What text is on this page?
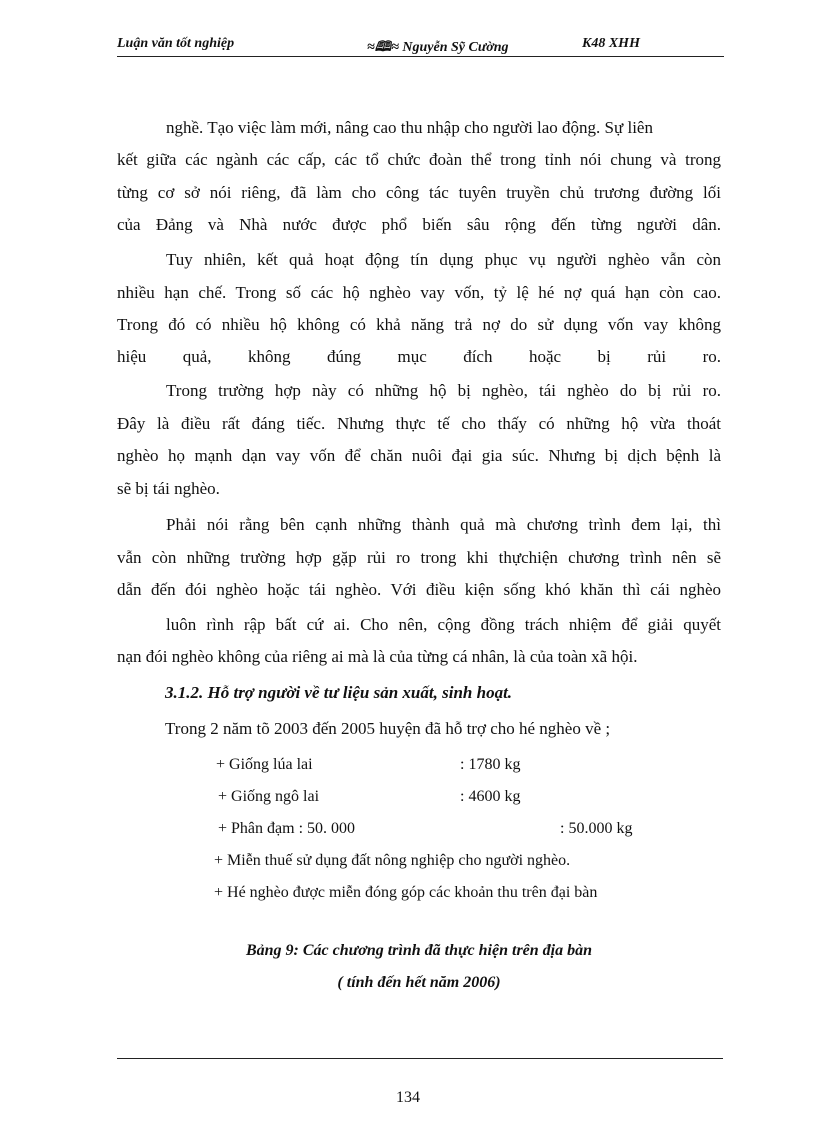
Luận văn tốt nghiệp	≈🕮≈ Nguyễn Sỹ Cường	K48 XHH
nghề. Tạo việc làm mới, nâng cao thu nhập cho người lao động. Sự liên
kết giữa các ngành các cấp, các tổ chức đoàn thể trong tỉnh nói chung và trong
từng cơ sở nói riêng, đã làm cho công tác tuyên truyền chủ trương đường lối
của Đảng và Nhà nước được phổ biến sâu rộng đến từng người dân.
Tuy nhiên, kết quả hoạt động tín dụng phục vụ người nghèo vẫn còn
nhiều hạn chế. Trong số các hộ nghèo vay vốn, tỷ lệ hé nợ quá hạn còn cao.
Trong đó có nhiều hộ không có khả năng trả nợ do sử dụng vốn vay không
hiệu quả, không đúng mục đích hoặc bị rủi ro.
Trong trường hợp này có những hộ bị nghèo, tái nghèo do bị rủi ro.
Đây là điều rất đáng tiếc. Nhưng thực tế cho thấy có những hộ vừa thoát
nghèo họ mạnh dạn vay vốn để chăn nuôi đại gia súc. Nhưng bị dịch bệnh là
sẽ bị tái nghèo.
Phải nói rằng bên cạnh những thành quả mà chương trình đem lại, thì
vẫn còn những trường hợp gặp rủi ro trong khi thựchiện chương trình nên sẽ
dẫn đến đói nghèo hoặc tái nghèo. Với điều kiện sống khó khăn thì cái nghèo
luôn rình rập bất cứ ai. Cho nên, cộng đồng trách nhiệm để giải quyết
nạn đói nghèo không của riêng ai mà là của từng cá nhân, là của toàn xã hội.
3.1.2. Hỗ trợ người về tư liệu sản xuất, sinh hoạt.
Trong 2 năm tõ 2003 đến 2005 huyện đã hỗ trợ cho hé nghèo về ;
+ Giống lúa lai	: 1780 kg
+ Giống ngô lai	: 4600 kg
+ Phân đạm : 50. 000	: 50.000 kg
+ Miễn thuế sử dụng đất nông nghiệp cho người nghèo.
+ Hé nghèo được miễn đóng góp các khoản thu trên đại bàn
Bảng 9: Các chương trình đã thực hiện trên địa bàn
( tính đến hết năm 2006)
134
